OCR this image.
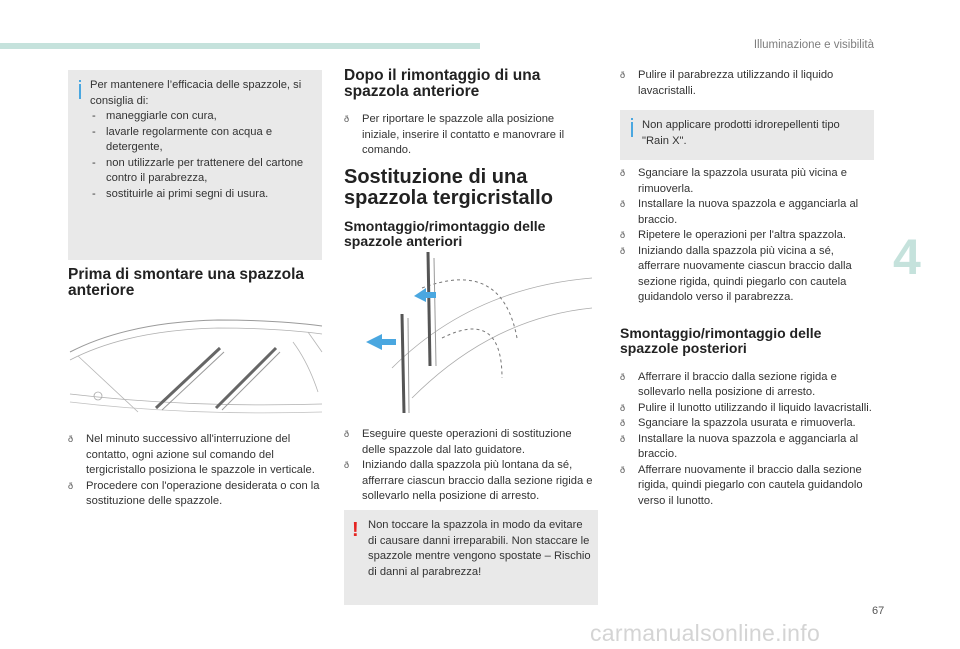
Illuminazione e visibilità
4
67
Per mantenere l’efficacia delle spazzole, si consiglia di:
- maneggiarle con cura,
- lavarle regolarmente con acqua e detergente,
- non utilizzarle per trattenere del cartone contro il parabrezza,
- sostituirle ai primi segni di usura.
Prima di smontare una spazzola anteriore
ð Nel minuto successivo all'interruzione del contatto, ogni azione sul comando del tergicristallo posiziona le spazzole in verticale.
ð Procedere con l'operazione desiderata o con la sostituzione delle spazzole.
Dopo il rimontaggio di una spazzola anteriore
ð Per riportare le spazzole alla posizione iniziale, inserire il contatto e manovrare il comando.
Sostituzione di una spazzola tergicristallo
Smontaggio/rimontaggio delle spazzole anteriori
ð Eseguire queste operazioni di sostituzione delle spazzole dal lato guidatore.
ð Iniziando dalla spazzola più lontana da sé, afferrare ciascun braccio dalla sezione rigida e sollevarlo nella posizione di arresto.
! Non toccare la spazzola in modo da evitare di causare danni irreparabili. Non staccare le spazzole mentre vengono spostate – Rischio di danni al parabrezza!
ð Pulire il parabrezza utilizzando il liquido lavacristalli.
Non applicare prodotti idrorepellenti tipo "Rain X".
ð Sganciare la spazzola usurata più vicina e rimuoverla.
ð Installare la nuova spazzola e agganciarla al braccio.
ð Ripetere le operazioni per l'altra spazzola.
ð Iniziando dalla spazzola più vicina a sé, afferrare nuovamente ciascun braccio dalla sezione rigida, quindi piegarlo con cautela guidandolo verso il parabrezza.
Smontaggio/rimontaggio delle spazzole posteriori
ð Afferrare il braccio dalla sezione rigida e sollevarlo nella posizione di arresto.
ð Pulire il lunotto utilizzando il liquido lavacristalli.
ð Sganciare la spazzola usurata e rimuoverla.
ð Installare la nuova spazzola e agganciarla al braccio.
ð Afferrare nuovamente il braccio dalla sezione rigida, quindi piegarlo con cautela guidandolo verso il lunotto.
carmanualsonline.info
